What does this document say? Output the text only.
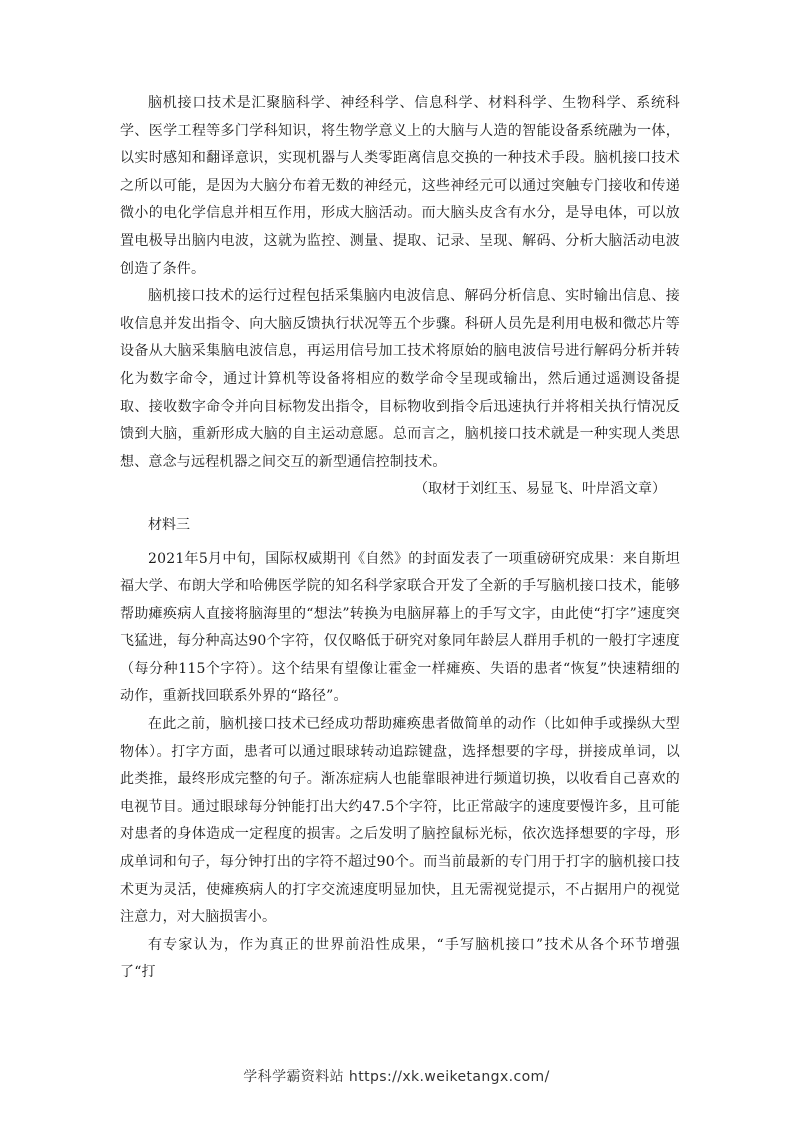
脑机接口技术是汇聚脑科学、神经科学、信息科学、材料科学、生物科学、系统科学、医学工程等多门学科知识，将生物学意义上的大脑与人造的智能设备系统融为一体，以实时感知和翻译意识，实现机器与人类零距离信息交换的一种技术手段。脑机接口技术之所以可能，是因为大脑分布着无数的神经元，这些神经元可以通过突触专门接收和传递微小的电化学信息并相互作用，形成大脑活动。而大脑头皮含有水分，是导电体，可以放置电极导出脑内电波，这就为监控、测量、提取、记录、呈现、解码、分析大脑活动电波创造了条件。

脑机接口技术的运行过程包括采集脑内电波信息、解码分析信息、实时输出信息、接收信息并发出指令、向大脑反馈执行状况等五个步骤。科研人员先是利用电极和微芯片等设备从大脑采集脑电波信息，再运用信号加工技术将原始的脑电波信号进行解码分析并转化为数字命令，通过计算机等设备将相应的数学命令呈现或输出，然后通过遥测设备提取、接收数字命令并向目标物发出指令，目标物收到指令后迅速执行并将相关执行情况反馈到大脑，重新形成大脑的自主运动意愿。总而言之，脑机接口技术就是一种实现人类思想、意念与远程机器之间交互的新型通信控制技术。

（取材于刘红玉、易显飞、叶岸滔文章）

材料三

2021年5月中旬，国际权威期刊《自然》的封面发表了一项重磅研究成果：来自斯坦福大学、布朗大学和哈佛医学院的知名科学家联合开发了全新的手写脑机接口技术，能够帮助瘫痪病人直接将脑海里的“想法”转换为电脑屏幕上的手写文字，由此使“打字”速度突飞猛进，每分种高达90个字符，仅仅略低于研究对象同年龄层人群用手机的一般打字速度（每分种115个字符）。这个结果有望像让霍金一样瘫痪、失语的患者“恢复”快速精细的动作，重新找回联系外界的“路径”。

在此之前，脑机接口技术已经成功帮助瘫痪患者做简单的动作（比如伸手或操纵大型物体）。打字方面，患者可以通过眼球转动追踪键盘，选择想要的字母，拼接成单词，以此类推，最终形成完整的句子。渐冻症病人也能靠眼神进行频道切换，以收看自己喜欢的电视节目。通过眼球每分钟能打出大约47.5个字符，比正常敲字的速度要慢许多，且可能对患者的身体造成一定程度的损害。之后发明了脑控鼠标光标，依次选择想要的字母，形成单词和句子，每分钟打出的字符不超过90个。而当前最新的专门用于打字的脑机接口技术更为灵活，使瘫痪病人的打字交流速度明显加快，且无需视觉提示，不占据用户的视觉注意力，对大脑损害小。

有专家认为，作为真正的世界前沿性成果，“手写脑机接口”技术从各个环节增强了“打

学科学霸资料站 https://xk.weiketangx.com/
